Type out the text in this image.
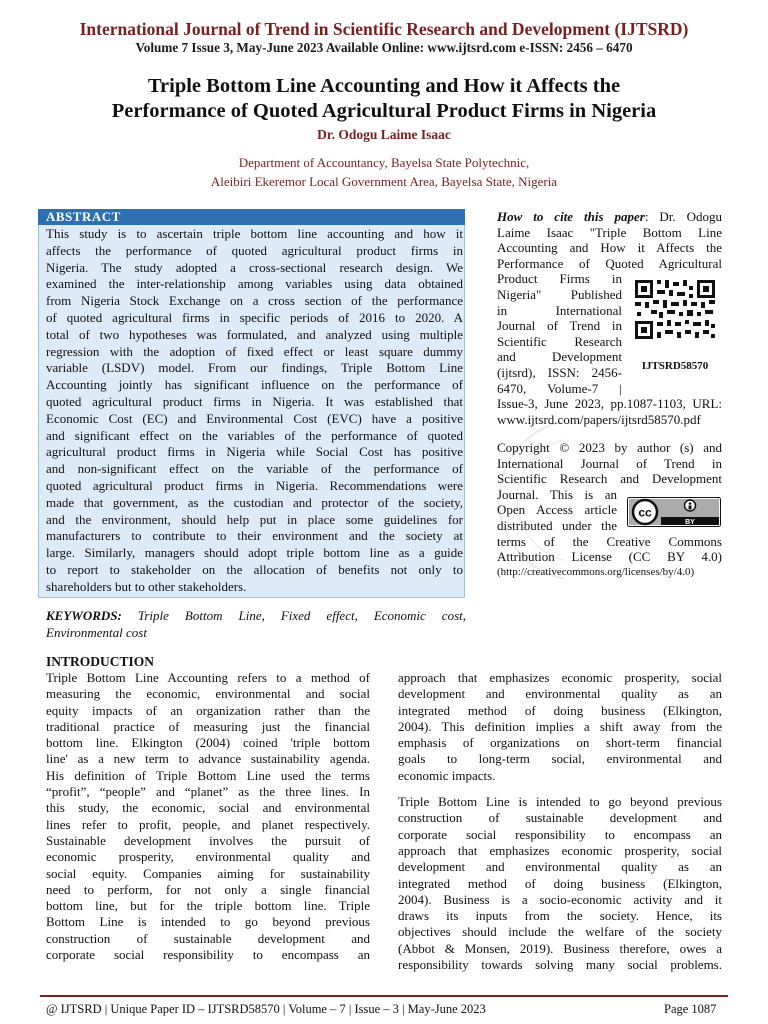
International Journal of Trend in Scientific Research and Development (IJTSRD)
Volume 7 Issue 3, May-June 2023 Available Online: www.ijtsrd.com e-ISSN: 2456 – 6470
Triple Bottom Line Accounting and How it Affects the
Performance of Quoted Agricultural Product Firms in Nigeria
Dr. Odogu Laime Isaac
Department of Accountancy, Bayelsa State Polytechnic,
Aleibiri Ekeremor Local Government Area, Bayelsa State, Nigeria
ABSTRACT
This study is to ascertain triple bottom line accounting and how it
affects the performance of quoted agricultural product firms in
Nigeria. The study adopted a cross-sectional research design. We
examined the inter-relationship among variables using data obtained
from Nigeria Stock Exchange on a cross section of the performance
of quoted agricultural firms in specific periods of 2016 to 2020. A
total of two hypotheses was formulated, and analyzed using multiple
regression with the adoption of fixed effect or least square dummy
variable (LSDV) model. From our findings, Triple Bottom Line
Accounting jointly has significant influence on the performance of
quoted agricultural product firms in Nigeria. It was established that
Economic Cost (EC) and Environmental Cost (EVC) have a positive
and significant effect on the variables of the performance of quoted
agricultural product firms in Nigeria while Social Cost has positive
and non-significant effect on the variable of the performance of
quoted agricultural product firms in Nigeria. Recommendations were
made that government, as the custodian and protector of the society,
and the environment, should help put in place some guidelines for
manufacturers to contribute to their environment and the society at
large. Similarly, managers should adopt triple bottom line as a guide
to report to stakeholder on the allocation of benefits not only to
shareholders but to other stakeholders.
How to cite this paper: Dr. Odogu
Laime Isaac "Triple Bottom Line
Accounting and How it Affects the
Performance of Quoted Agricultural
Product Firms in
Nigeria" Published
in International
Journal of Trend in
Scientific Research
and Development
(ijtsrd), ISSN: 2456-
6470, Volume-7 |
Issue-3, June 2023, pp.1087-1103, URL:
www.ijtsrd.com/papers/ijtsrd58570.pdf
IJTSRD58570
Copyright © 2023 by author (s) and
International Journal of Trend in
Scientific Research and Development
Journal. This is an
Open Access article
distributed under the
terms of the Creative Commons
Attribution License (CC BY 4.0)
(http://creativecommons.org/licenses/by/4.0)
cc
BY
KEYWORDS: Triple Bottom Line, Fixed effect, Economic cost,
Environmental cost
INTRODUCTION
Triple Bottom Line Accounting refers to a method of
measuring the economic, environmental and social
equity impacts of an organization rather than the
traditional practice of measuring just the financial
bottom line. Elkington (2004) coined 'triple bottom
line' as a new term to advance sustainability agenda.
His definition of Triple Bottom Line used the terms
“profit”, “people” and “planet” as the three lines. In
this study, the economic, social and environmental
lines refer to profit, people, and planet respectively.
Sustainable development involves the pursuit of
economic prosperity, environmental quality and
social equity. Companies aiming for sustainability
need to perform, for not only a single financial
bottom line, but for the triple bottom line. Triple
Bottom Line is intended to go beyond previous
construction of sustainable development and
corporate social responsibility to encompass an
approach that emphasizes economic prosperity, social
development and environmental quality as an
integrated method of doing business (Elkington,
2004). This definition implies a shift away from the
emphasis of organizations on short-term financial
goals to long-term social, environmental and
economic impacts.
Triple Bottom Line is intended to go beyond previous
construction of sustainable development and
corporate social responsibility to encompass an
approach that emphasizes economic prosperity, social
development and environmental quality as an
integrated method of doing business (Elkington,
2004). Business is a socio-economic activity and it
draws its inputs from the society. Hence, its
objectives should include the welfare of the society
(Abbot & Monsen, 2019). Business therefore, owes a
responsibility towards solving many social problems.
@ IJTSRD | Unique Paper ID – IJTSRD58570 | Volume – 7 | Issue – 3 | May-June 2023	Page 1087
